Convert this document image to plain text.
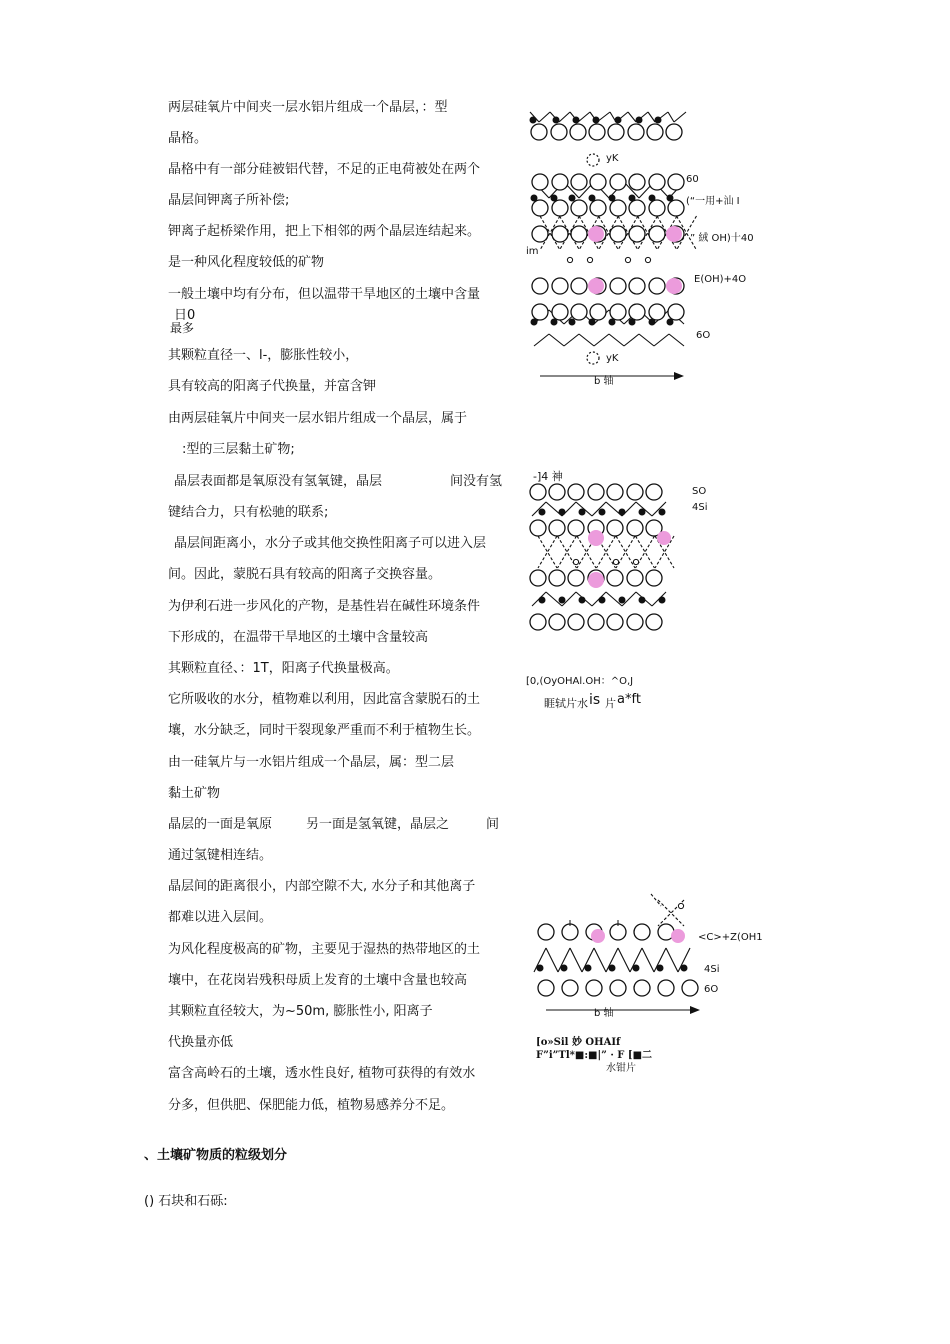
两层硅氧片中间夹一层水铝片组成一个晶层，：型
晶格。
晶格中有一部分硅被铝代替，不足的正电荷被处在两个
晶层间钾离子所补偿;
钾离子起桥梁作用，把上下相邻的两个晶层连结起来。
是一种风化程度较低的矿物
一般土壤中均有分布，但以温带干旱地区的土壤中含量
日0
最多
其颗粒直径一、l-，膨胀性较小，
具有较高的阳离子代换量，并富含钾
由两层硅氧片中间夹一层水铝片组成一个晶层，属于
:型的三层黏土矿物;
晶层表面都是氧原没有氢氧键，晶层	间没有氢
键结合力，只有松驰的联系;
晶层间距离小，水分子或其他交换性阳离子可以进入层
间。因此，蒙脱石具有较高的阳离子交换容量。
为伊利石进一步风化的产物，是基性岩在碱性环境条件
下形成的，在温带干旱地区的土壤中含量较高
其颗粒直径、：1T，阳离子代换量极高。
它所吸收的水分，植物难以利用，因此富含蒙脱石的土
壤，水分缺乏，同时干裂现象严重而不利于植物生长。
由一硅氧片与一水铝片组成一个晶层，属：型二层
黏土矿物
晶层的一面是氧原	另一面是氢氧键，晶层之	间
通过氢键相连结。
晶层间的距离很小，内部空隙不大, 水分子和其他离子
都难以进入层间。
为风化程度极高的矿物，主要见于湿热的热带地区的土
壤中，在花岗岩残积母质上发育的土壤中含量也较高
其颗粒直径较大，为~50m, 膨胀性小, 阳离子
代换量亦低
富含高岭石的土壤，透水性良好, 植物可获得的有效水
分多，但供肥、保肥能力低，植物易感养分不足。
、土壤矿物质的粒级划分
() 石块和石砾:
yK
60
(“一用+汕 I
” 絨 OH)十40
im
E(OH)+4O
6O
yK
b 轴
-]4 神
SO
4Si
[0,(OyOHAl.OH：^O,J
睚轼片水 is 片 a*ft
<C>+Z(OH1
4Si
6O
b 轴
[o»Sil 妙 OHAIf
F”i”Tl*■:■|” · F [■二
水钳片
